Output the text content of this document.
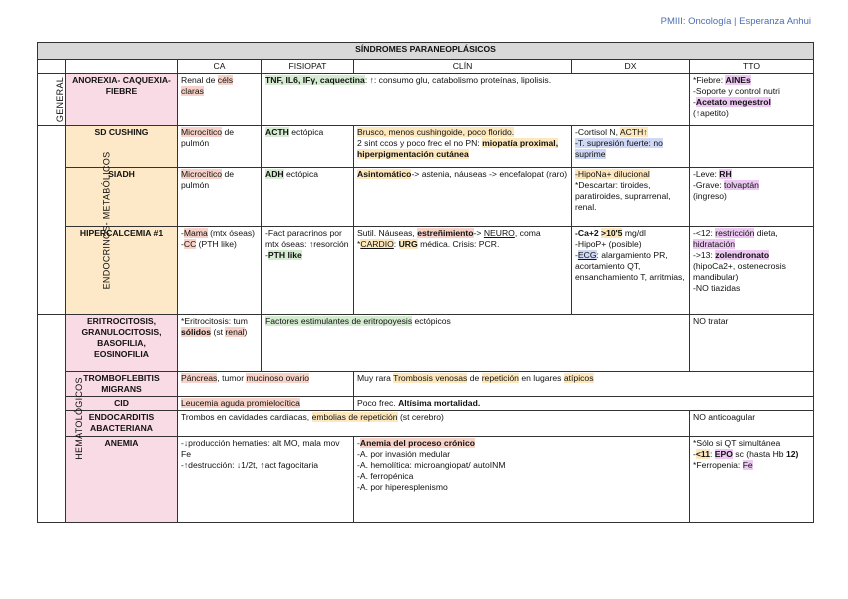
PMIII: Oncología | Esperanza Anhui
SÍNDROMES PARANEOPLÁSICOS						
		CA	FISIOPAT	CLÍN	DX	TTO
GENERAL	ANOREXIA- CAQUEXIA- FIEBRE	Renal de céls claras	TNF, IL6, IFγ, caquectina: ↑: consumo glu, catabolismo proteínas, lipolisis.			*Fiebre: AINEs
-Soporte y control nutri
-Acetato megestrol
(↑apetito)
ENDOCRINOS- METABÓLICOS	SD CUSHING	Microcítico de pulmón	ACTH ectópica	Brusco, menos cushingoide, poco florido.
2 sint ccos y poco frec el no PN: miopatía proximal, hiperpigmentación cutánea	-Cortisol N, ACTH↑
-T. supresión fuerte: no suprime	
	SIADH	Microcítico de pulmón	ADH ectópica	Asintomático-> astenia, náuseas -> encefalopat (raro)	-HipoNa+ dilucional
*Descartar: tiroides, paratiroides, suprarrenal, renal.	-Leve: RH
-Grave: tolvaptán
(ingreso)
	HIPERCALCEMIA #1	-Mama (mtx óseas)
-CC (PTH like)	-Fact paracrinos por mtx óseas: ↑resorción
-PTH like	Sutil. Náuseas, estreñimiento-> NEURO, coma
*CARDIO: URG médica. Crisis: PCR.	-Ca+2 >10'5 mg/dl
-HipoP+ (posible)
-ECG: alargamiento PR, acortamiento QT, ensanchamiento T, arritmias,	-<12: restricción dieta, hidratación
->13: zolendronato
(hipoCa2+, ostenecrosis mandibular)
-NO tiazidas
HEMATOLÓGICOS	ERITROCITOSIS, GRANULOCITOSIS, BASOFILIA, EOSINOFILIA	*Eritrocitosis: tum sólidos (st renal)	Factores estimulantes de eritropoyesis ectópicos			NO tratar
	TROMBOFLEBITIS MIGRANS	Páncreas, tumor mucinoso ovario		Muy rara Trombosis venosas de repetición en lugares atípicos		
	CID	Leucemia aguda promielocítica		Poco frec. Altísima mortalidad.		
	ENDOCARDITIS ABACTERIANA	Trombos en cavidades cardiacas, embolias de repetición (st cerebro)				NO anticoagular
	ANEMIA	-↓producción hematies: alt MO, mala mov Fe
-↑destrucción: ↓1/2t, ↑act fagocitaria		-Anemia del proceso crónico
-A. por invasión medular
-A. hemolítica: microangiopat/ autoINM
-A. ferropénica
-A. por hiperesplenismo		*Sólo si QT simultánea
-<11: EPO sc (hasta Hb 12)
*Ferropenia: Fe
